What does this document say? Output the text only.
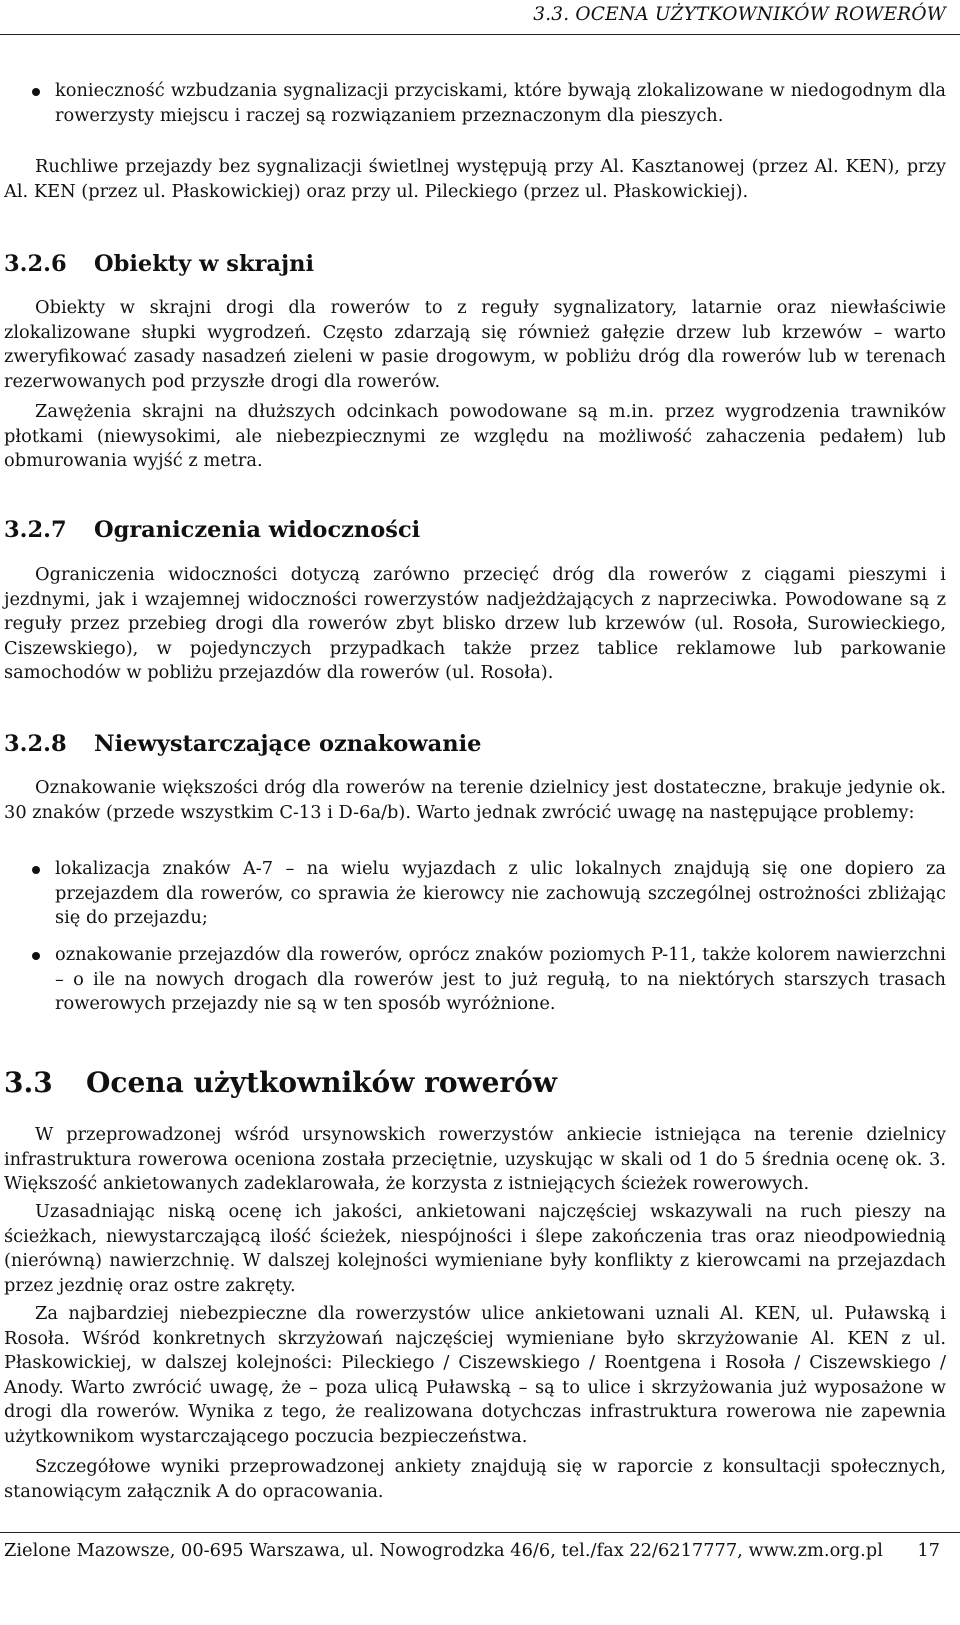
3.3. OCENA UŻYTKOWNIKÓW ROWERÓW

konieczność wzbudzania sygnalizacji przyciskami, które bywają zlokalizowane w niedogodnym dla rowerzysty miejscu i raczej są rozwiązaniem przeznaczonym dla pieszych.

Ruchliwe przejazdy bez sygnalizacji świetlnej występują przy Al. Kasztanowej (przez Al. KEN), przy Al. KEN (przez ul. Płaskowickiej) oraz przy ul. Pileckiego (przez ul. Płaskowickiej).

3.2.6 Obiekty w skrajni

Obiekty w skrajni drogi dla rowerów to z reguły sygnalizatory, latarnie oraz niewłaściwie zlokalizowane słupki wygrodzeń. Często zdarzają się również gałęzie drzew lub krzewów – warto zweryfikować zasady nasadzeń zieleni w pasie drogowym, w pobliżu dróg dla rowerów lub w terenach rezerwowanych pod przyszłe drogi dla rowerów.

Zawężenia skrajni na dłuższych odcinkach powodowane są m.in. przez wygrodzenia trawników płotkami (niewysokimi, ale niebezpiecznymi ze względu na możliwość zahaczenia pedałem) lub obmurowania wyjść z metra.

3.2.7 Ograniczenia widoczności

Ograniczenia widoczności dotyczą zarówno przecięć dróg dla rowerów z ciągami pieszymi i jezdnymi, jak i wzajemnej widoczności rowerzystów nadjeżdżających z naprzeciwka. Powodowane są z reguły przez przebieg drogi dla rowerów zbyt blisko drzew lub krzewów (ul. Rosoła, Surowieckiego, Ciszewskiego), w pojedynczych przypadkach także przez tablice reklamowe lub parkowanie samochodów w pobliżu przejazdów dla rowerów (ul. Rosoła).

3.2.8 Niewystarczające oznakowanie

Oznakowanie większości dróg dla rowerów na terenie dzielnicy jest dostateczne, brakuje jedynie ok. 30 znaków (przede wszystkim C-13 i D-6a/b). Warto jednak zwrócić uwagę na następujące problemy:

lokalizacja znaków A-7 – na wielu wyjazdach z ulic lokalnych znajdują się one dopiero za przejazdem dla rowerów, co sprawia że kierowcy nie zachowują szczególnej ostrożności zbliżając się do przejazdu;

oznakowanie przejazdów dla rowerów, oprócz znaków poziomych P-11, także kolorem nawierzchni – o ile na nowych drogach dla rowerów jest to już regułą, to na niektórych starszych trasach rowerowych przejazdy nie są w ten sposób wyróżnione.

3.3 Ocena użytkowników rowerów

W przeprowadzonej wśród ursynowskich rowerzystów ankiecie istniejąca na terenie dzielnicy infrastruktura rowerowa oceniona została przeciętnie, uzyskując w skali od 1 do 5 średnia ocenę ok. 3. Większość ankietowanych zadeklarowała, że korzysta z istniejących ścieżek rowerowych.

Uzasadniając niską ocenę ich jakości, ankietowani najczęściej wskazywali na ruch pieszy na ścieżkach, niewystarczającą ilość ścieżek, niespójności i ślepe zakończenia tras oraz nieodpowiednią (nierówną) nawierzchnię. W dalszej kolejności wymieniane były konflikty z kierowcami na przejazdach przez jezdnię oraz ostre zakręty.

Za najbardziej niebezpieczne dla rowerzystów ulice ankietowani uznali Al. KEN, ul. Puławską i Rosoła. Wśród konkretnych skrzyżowań najczęściej wymieniane było skrzyżowanie Al. KEN z ul. Płaskowickiej, w dalszej kolejności: Pileckiego / Ciszewskiego / Roentgena i Rosoła / Ciszewskiego / Anody. Warto zwrócić uwagę, że – poza ulicą Puławską – są to ulice i skrzyżowania już wyposażone w drogi dla rowerów. Wynika z tego, że realizowana dotychczas infrastruktura rowerowa nie zapewnia użytkownikom wystarczającego poczucia bezpieczeństwa.

Szczegółowe wyniki przeprowadzonej ankiety znajdują się w raporcie z konsultacji społecznych, stanowiącym załącznik A do opracowania.

Zielone Mazowsze, 00-695 Warszawa, ul. Nowogrodzka 46/6, tel./fax 22/6217777, www.zm.org.pl 17
